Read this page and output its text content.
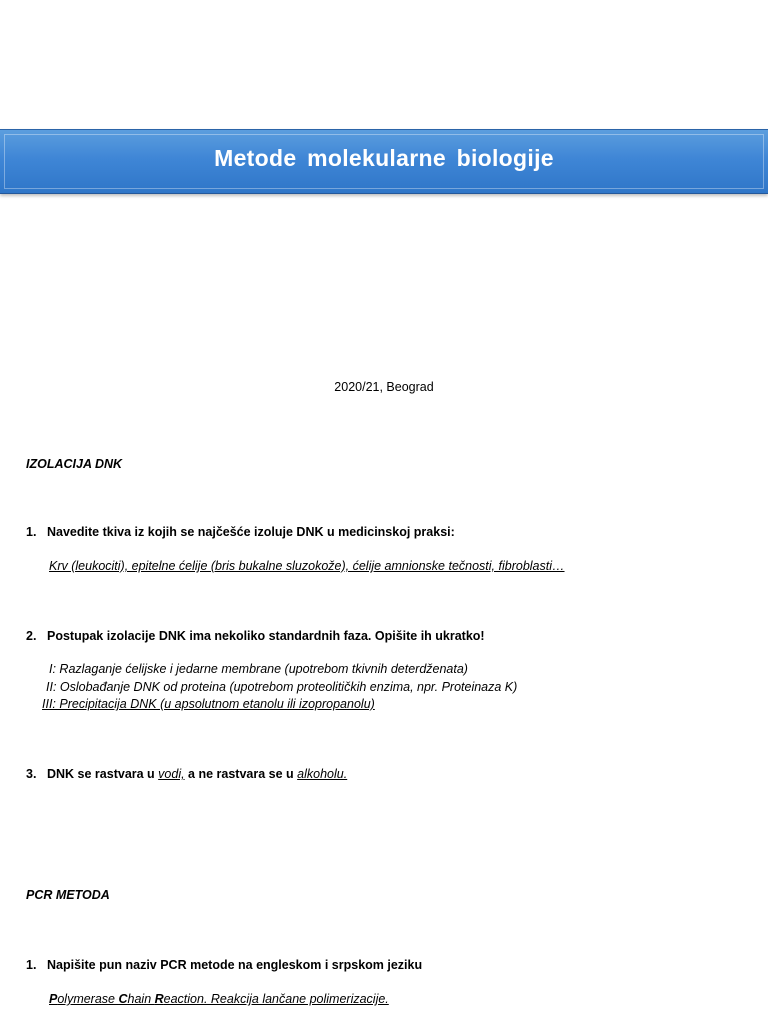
Metode molekularne biologije
2020/21, Beograd
IZOLACIJA DNK
1. Navedite tkiva iz kojih se najčešće izoluje DNK u medicinskoj praksi:
Krv (leukociti), epitelne ćelije (bris bukalne sluzokože), ćelije amnionske tečnosti, fibroblasti…
2. Postupak izolacije DNK ima nekoliko standardnih faza. Opišite ih ukratko!
I: Razlaganje ćelijske i jedarne membrane (upotrebom tkivnih deterdženata)
II: Oslobađanje DNK od proteina (upotrebom proteolitičkih enzima, npr. Proteinaza K)
III: Precipitacija DNK (u apsolutnom etanolu ili izopropanolu)
3. DNK se rastvara u vodi, a ne rastvara se u alkoholu.
PCR METODA
1. Napišite pun naziv PCR metode na engleskom i srpskom jeziku
Polymerase Chain Reaction. Reakcija lančane polimerizacije.
